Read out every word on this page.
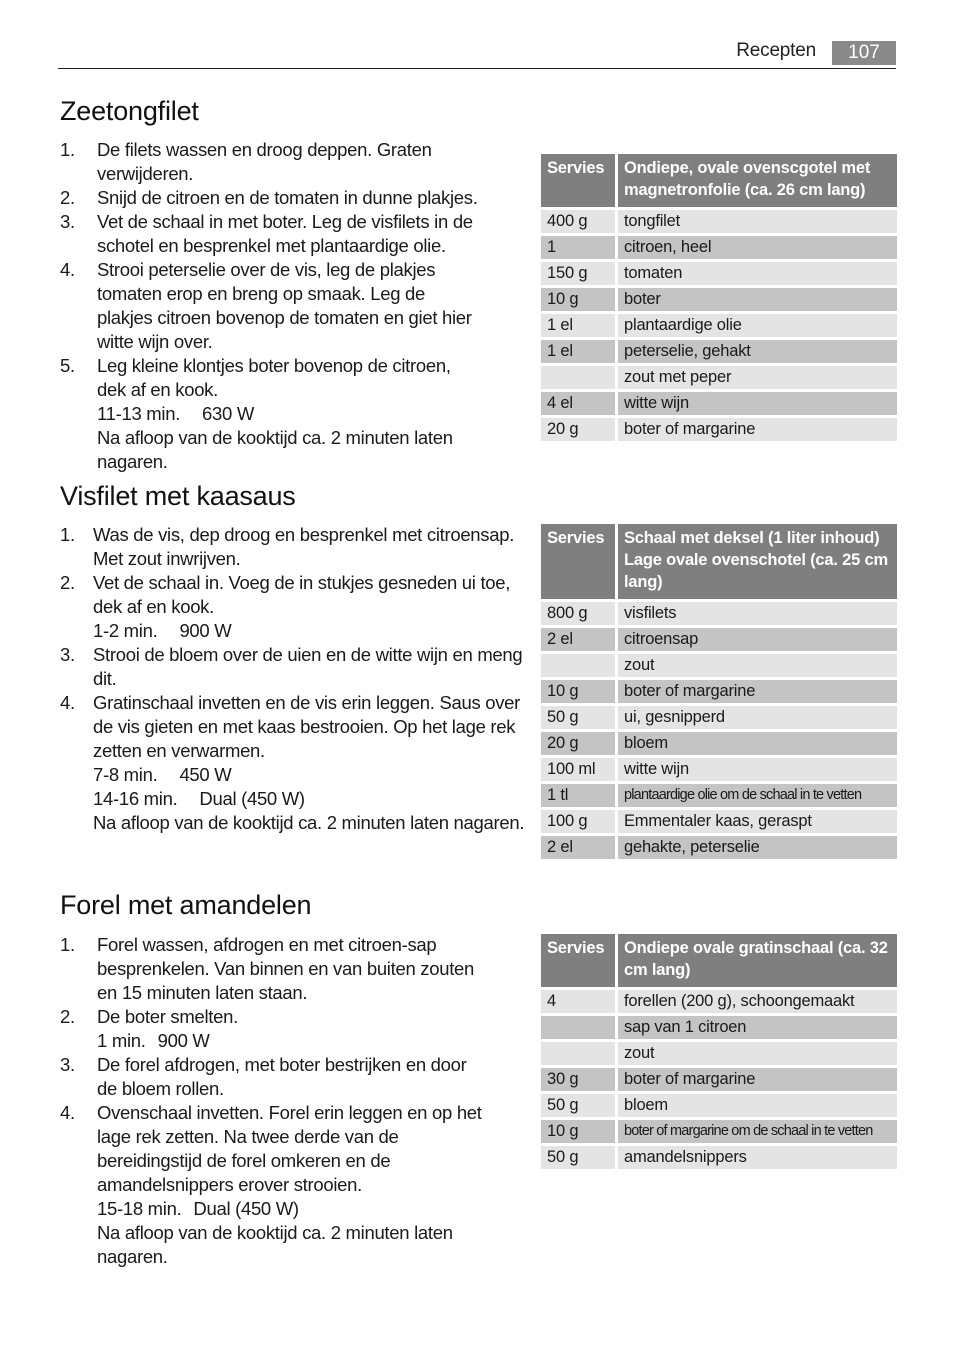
Recepten	107
Zeetongfilet
1. De filets wassen en droog deppen. Graten verwijderen.
2. Snijd de citroen en de tomaten in dunne plakjes.
3. Vet de schaal in met boter. Leg de visfilets in de schotel en besprenkel met plantaardige olie.
4. Strooi peterselie over de vis, leg de plakjes tomaten erop en breng op smaak. Leg de plakjes citroen bovenop de tomaten en giet hier witte wijn over.
5. Leg kleine klontjes boter bovenop de citroen, dek af en kook.
11-13 min. 630 W
Na afloop van de kooktijd ca. 2 minuten laten nagaren.
Servies	Ondiepe, ovale ovenscgotel met magnetronfolie (ca. 26 cm lang)
400 g	tongfilet
1	citroen, heel
150 g	tomaten
10 g	boter
1 el	plantaardige olie
1 el	peterselie, gehakt
	zout met peper
4 el	witte wijn
20 g	boter of margarine
Visfilet met kaasaus
1. Was de vis, dep droog en besprenkel met citroensap. Met zout inwrijven.
2. Vet de schaal in. Voeg de in stukjes gesneden ui toe, dek af en kook.
1-2 min. 900 W
3. Strooi de bloem over de uien en de witte wijn en meng dit.
4. Gratinschaal invetten en de vis erin leggen. Saus over de vis gieten en met kaas bestrooien. Op het lage rek zetten en verwarmen.
7-8 min. 450 W
14-16 min. Dual (450 W)
Na afloop van de kooktijd ca. 2 minuten laten nagaren.
Servies	Schaal met deksel (1 liter inhoud) Lage ovale ovenschotel (ca. 25 cm lang)
800 g	visfilets
2 el	citroensap
	zout
10 g	boter of margarine
50 g	ui, gesnipperd
20 g	bloem
100 ml	witte wijn
1 tl	plantaardige olie om de schaal in te vetten
100 g	Emmentaler kaas, geraspt
2 el	gehakte, peterselie
Forel met amandelen
1. Forel wassen, afdrogen en met citroen-sap besprenkelen. Van binnen en van buiten zouten en 15 minuten laten staan.
2. De boter smelten.
1 min. 900 W
3. De forel afdrogen, met boter bestrijken en door de bloem rollen.
4. Ovenschaal invetten. Forel erin leggen en op het lage rek zetten. Na twee derde van de bereidingstijd de forel omkeren en de amandelsnippers erover strooien.
15-18 min. Dual (450 W)
Na afloop van de kooktijd ca. 2 minuten laten nagaren.
Servies	Ondiepe ovale gratinschaal (ca. 32 cm lang)
4	forellen (200 g), schoongemaakt
	sap van 1 citroen
	zout
30 g	boter of margarine
50 g	bloem
10 g	boter of margarine om de schaal in te vetten
50 g	amandelsnippers
